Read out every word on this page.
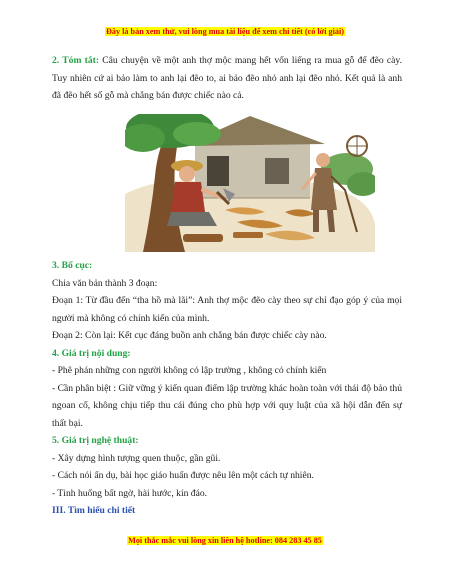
Đây là bản xem thử, vui lòng mua tài liệu để xem chi tiết (có lời giải)

2. Tóm tắt: Câu chuyện về một anh thợ mộc mang hết vốn liếng ra mua gỗ để đẽo cày. Tuy nhiên cứ ai bảo làm to anh lại đẽo to, ai bảo đẽo nhỏ anh lại đẽo nhỏ. Kết quả là anh đã đẽo hết số gỗ mà chẳng bán được chiếc nào cả.

3. Bố cục:

Chia văn bản thành 3 đoạn:

Đoạn 1: Từ đầu đến “tha hồ mà lãi”: Anh thợ mộc đẽo cày theo sự chỉ đạo góp ý của mọi người mà không có chính kiến của mình.

Đoạn 2: Còn lại: Kết cục đáng buồn anh chẳng bán được chiếc cày nào.

4. Giá trị nội dung:

- Phê phán những con người không có lập trường , không có chính kiến

- Cần phân biệt : Giữ vững ý kiến quan điểm lập trường khác hoàn toàn với thái độ bảo thủ ngoan cố, không chịu tiếp thu cái đúng cho phù hợp với quy luật của xã hội dẫn đến sự thất bại.

5. Giá trị nghệ thuật:

- Xây dựng hình tượng quen thuộc, gần gũi.

- Cách nói ẩn dụ, bài học giáo huấn được nêu lên một cách tự nhiên.

- Tình huống bất ngờ, hài hước, kín đáo.

III. Tìm hiểu chi tiết

Mọi thắc mắc vui lòng xin liên hệ hotline: 084 283 45 85
